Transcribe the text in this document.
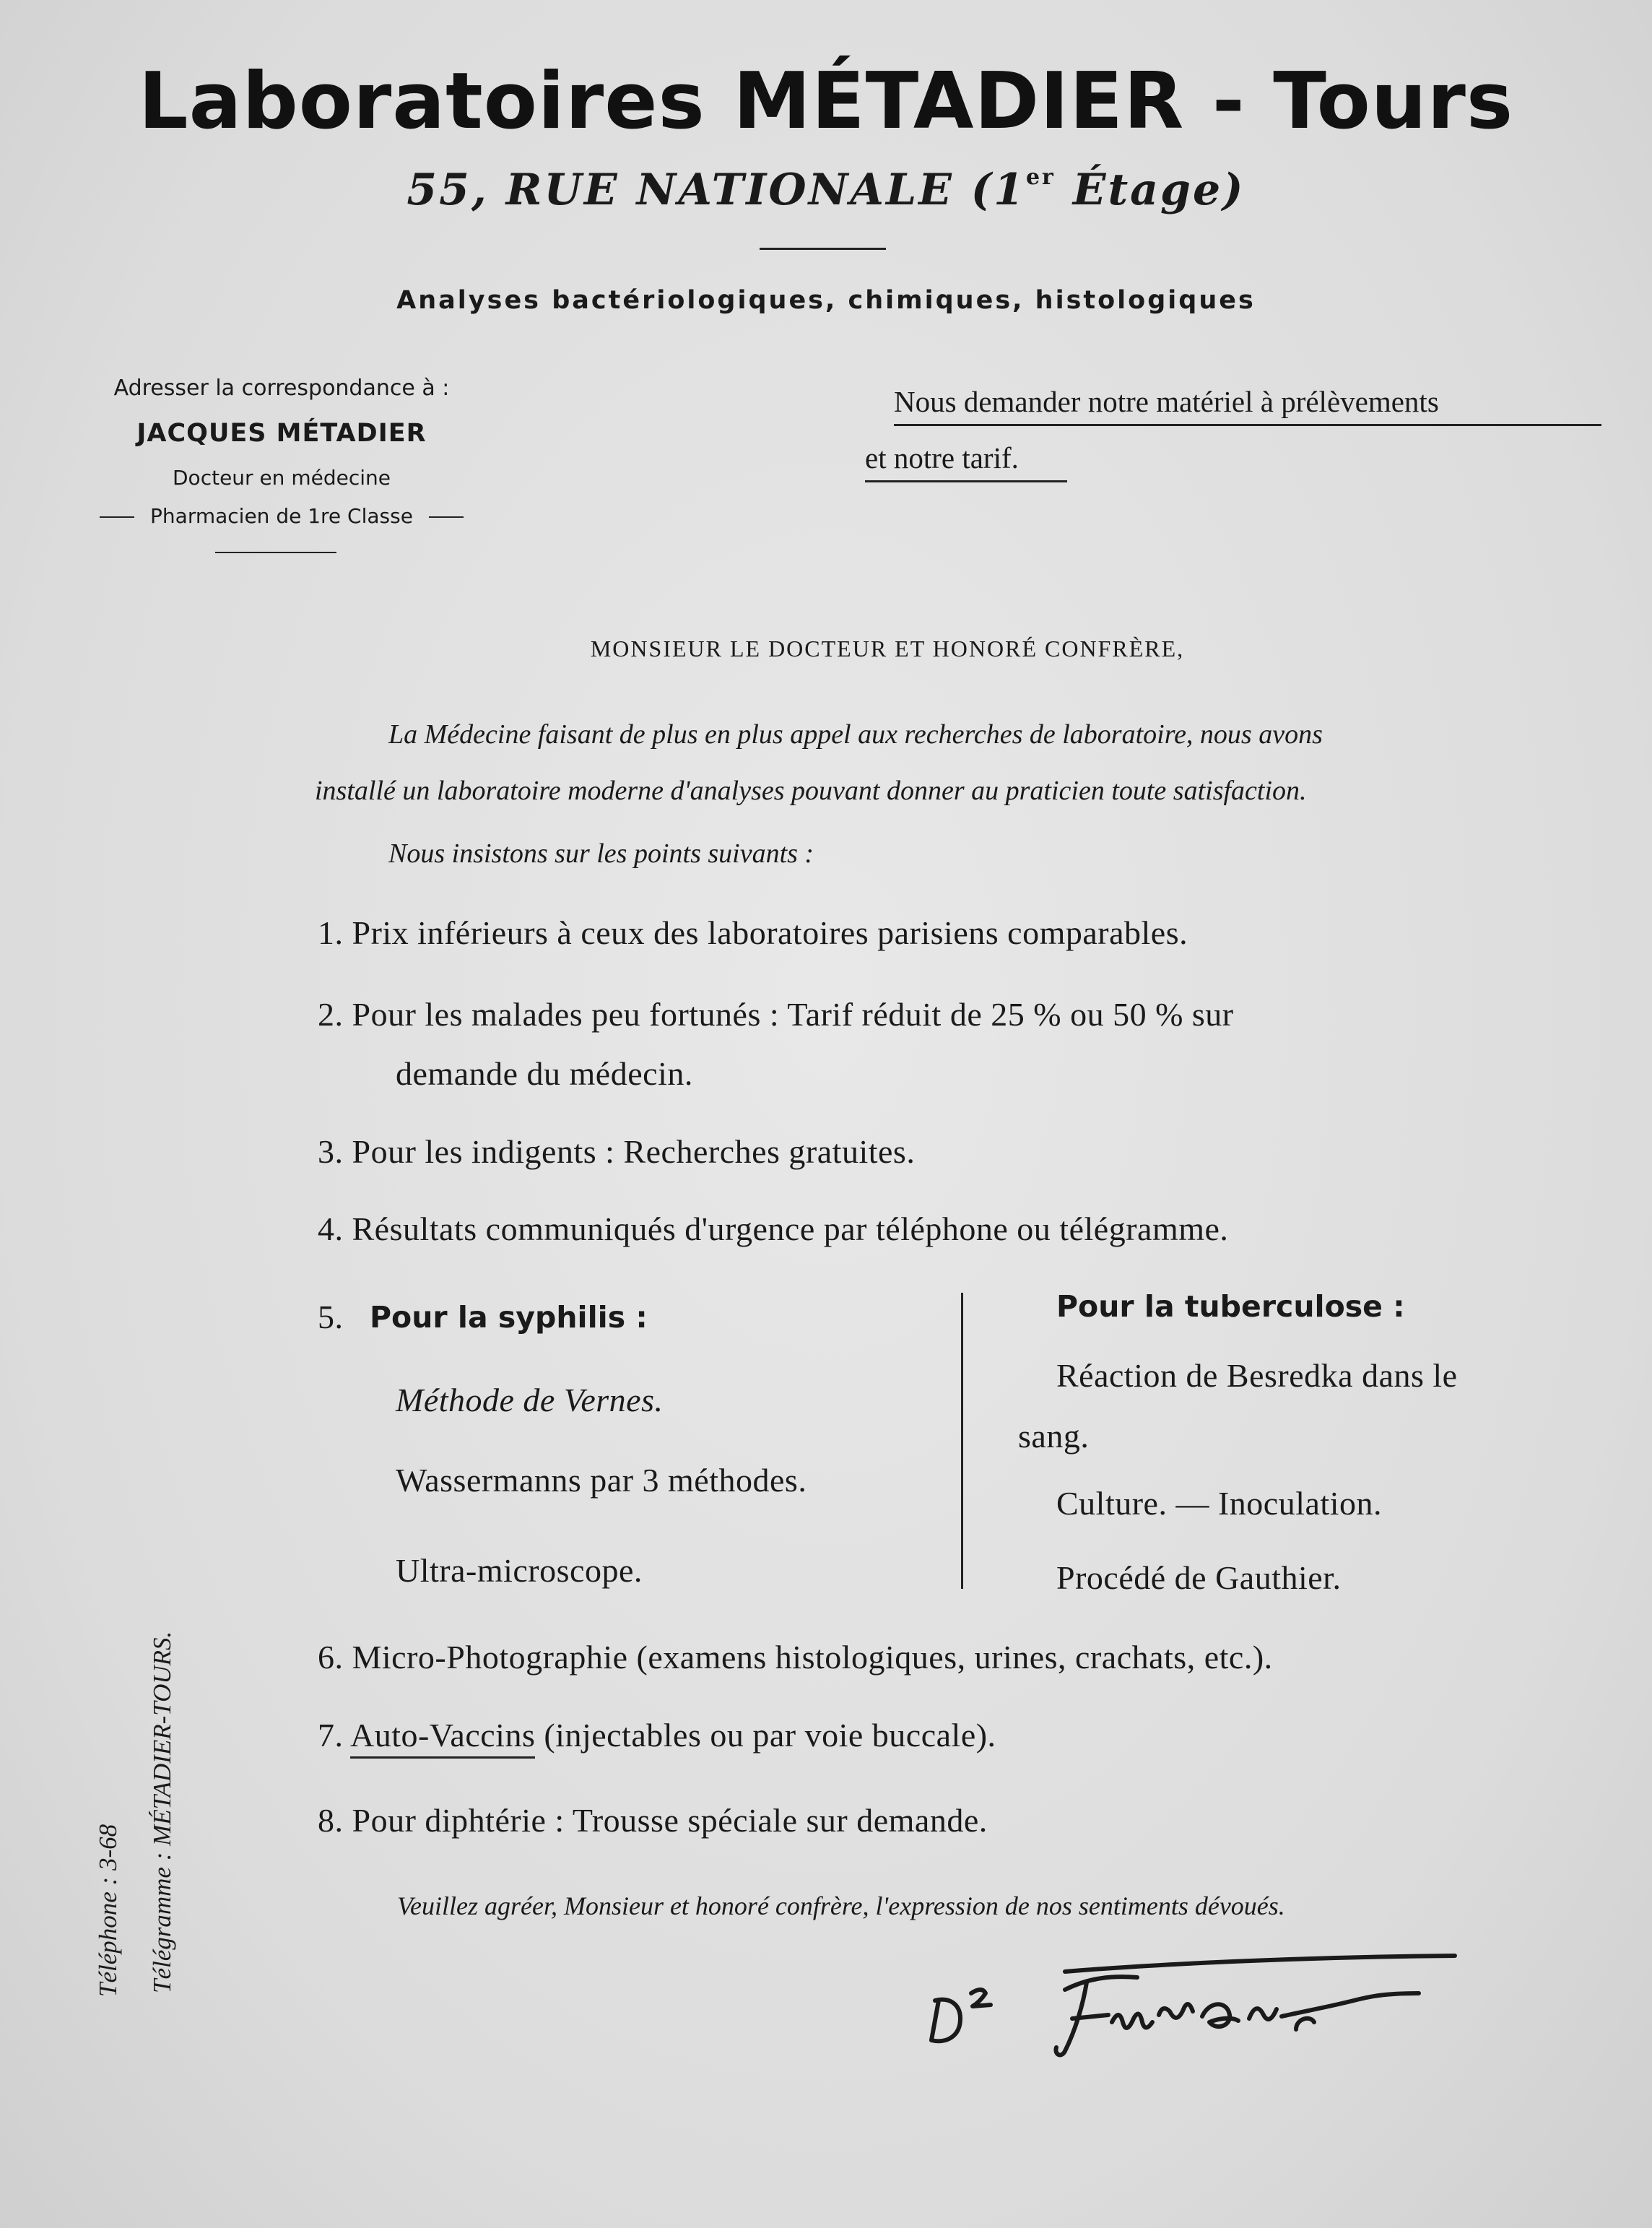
Laboratoires MÉTADIER - Tours
55, RUE NATIONALE (1er Étage)
Analyses bactériologiques, chimiques, histologiques
Adresser la correspondance à :
JACQUES MÉTADIER
Docteur en médecine
Pharmacien de 1re Classe
Nous demander notre matériel à prélèvements
et notre tarif.
MONSIEUR LE DOCTEUR ET HONORÉ CONFRÈRE,
La Médecine faisant de plus en plus appel aux recherches de laboratoire, nous avons
installé un laboratoire moderne d'analyses pouvant donner au praticien toute satisfaction.
Nous insistons sur les points suivants :
1. Prix inférieurs à ceux des laboratoires parisiens comparables.
2. Pour les malades peu fortunés : Tarif réduit de 25 % ou 50 % sur
demande du médecin.
3. Pour les indigents : Recherches gratuites.
4. Résultats communiqués d'urgence par téléphone ou télégramme.
5. Pour la syphilis :
Méthode de Vernes.
Wassermanns par 3 méthodes.
Ultra-microscope.
Pour la tuberculose :
Réaction de Besredka dans le
sang.
Culture. — Inoculation.
Procédé de Gauthier.
6. Micro-Photographie (examens histologiques, urines, crachats, etc.).
7. Auto-Vaccins (injectables ou par voie buccale).
8. Pour diphtérie : Trousse spéciale sur demande.
Veuillez agréer, Monsieur et honoré confrère, l'expression de nos sentiments dévoués.
Téléphone : 3-68 Télégramme : MÉTADIER-TOURS.
